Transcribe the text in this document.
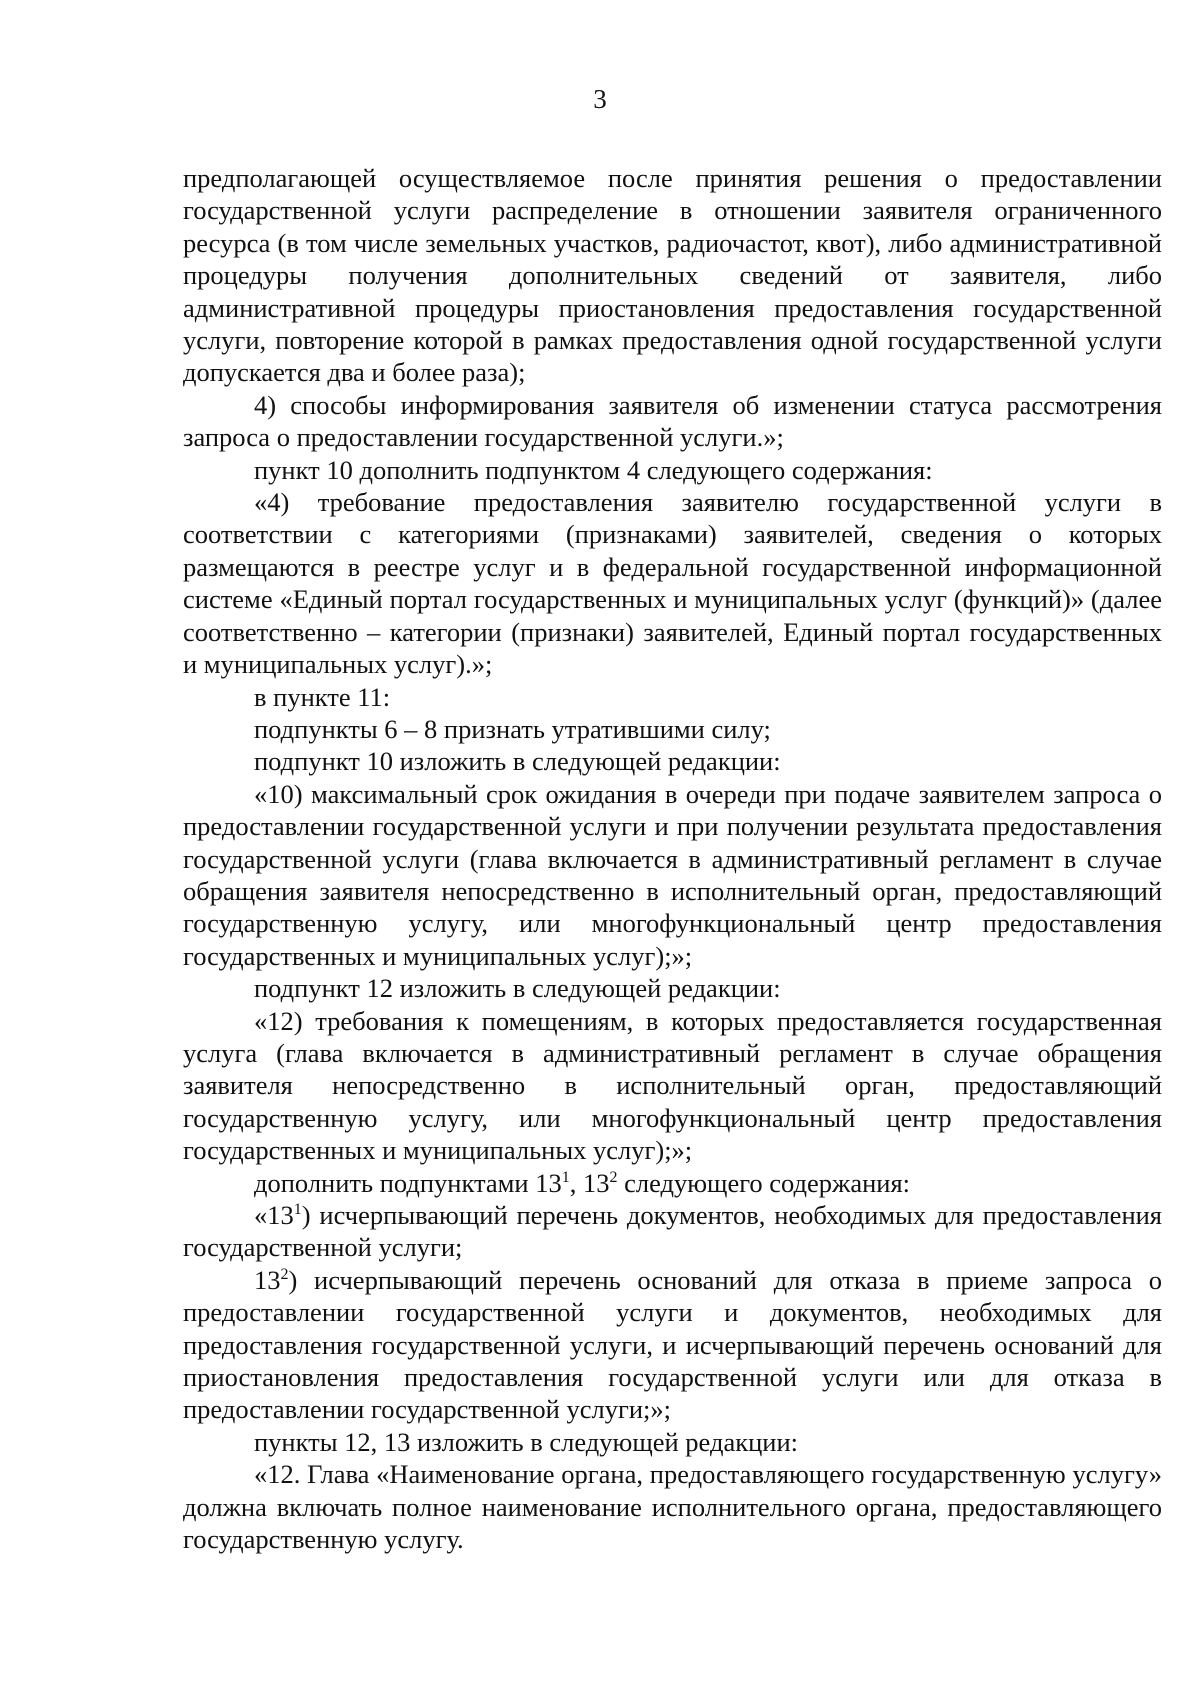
3

предполагающей осуществляемое после принятия решения о предоставлении государственной услуги распределение в отношении заявителя ограниченного ресурса (в том числе земельных участков, радиочастот, квот), либо административной процедуры получения дополнительных сведений от заявителя, либо административной процедуры приостановления предоставления государственной услуги, повторение которой в рамках предоставления одной государственной услуги допускается два и более раза);

4) способы информирования заявителя об изменении статуса рассмотрения запроса о предоставлении государственной услуги.»;

пункт 10 дополнить подпунктом 4 следующего содержания:

«4) требование предоставления заявителю государственной услуги в соответствии с категориями (признаками) заявителей, сведения о которых размещаются в реестре услуг и в федеральной государственной информационной системе «Единый портал государственных и муниципальных услуг (функций)» (далее соответственно – категории (признаки) заявителей, Единый портал государственных и муниципальных услуг).»;

в пункте 11:

подпункты 6 – 8 признать утратившими силу;

подпункт 10 изложить в следующей редакции:

«10) максимальный срок ожидания в очереди при подаче заявителем запроса о предоставлении государственной услуги и при получении результата предоставления государственной услуги (глава включается в административный регламент в случае обращения заявителя непосредственно в исполнительный орган, предоставляющий государственную услугу, или многофункциональный центр предоставления государственных и муниципальных услуг);»;

подпункт 12 изложить в следующей редакции:

«12) требования к помещениям, в которых предоставляется государственная услуга (глава включается в административный регламент в случае обращения заявителя непосредственно в исполнительный орган, предоставляющий государственную услугу, или многофункциональный центр предоставления государственных и муниципальных услуг);»;

дополнить подпунктами $13^1$, $13^2$ следующего содержания:

«$13^1$) исчерпывающий перечень документов, необходимых для предоставления государственной услуги;

$13^2$) исчерпывающий перечень оснований для отказа в приеме запроса о предоставлении государственной услуги и документов, необходимых для предоставления государственной услуги, и исчерпывающий перечень оснований для приостановления предоставления государственной услуги или для отказа в предоставлении государственной услуги;»;

пункты 12, 13 изложить в следующей редакции:

«12. Глава «Наименование органа, предоставляющего государственную услугу» должна включать полное наименование исполнительного органа, предоставляющего государственную услугу.
